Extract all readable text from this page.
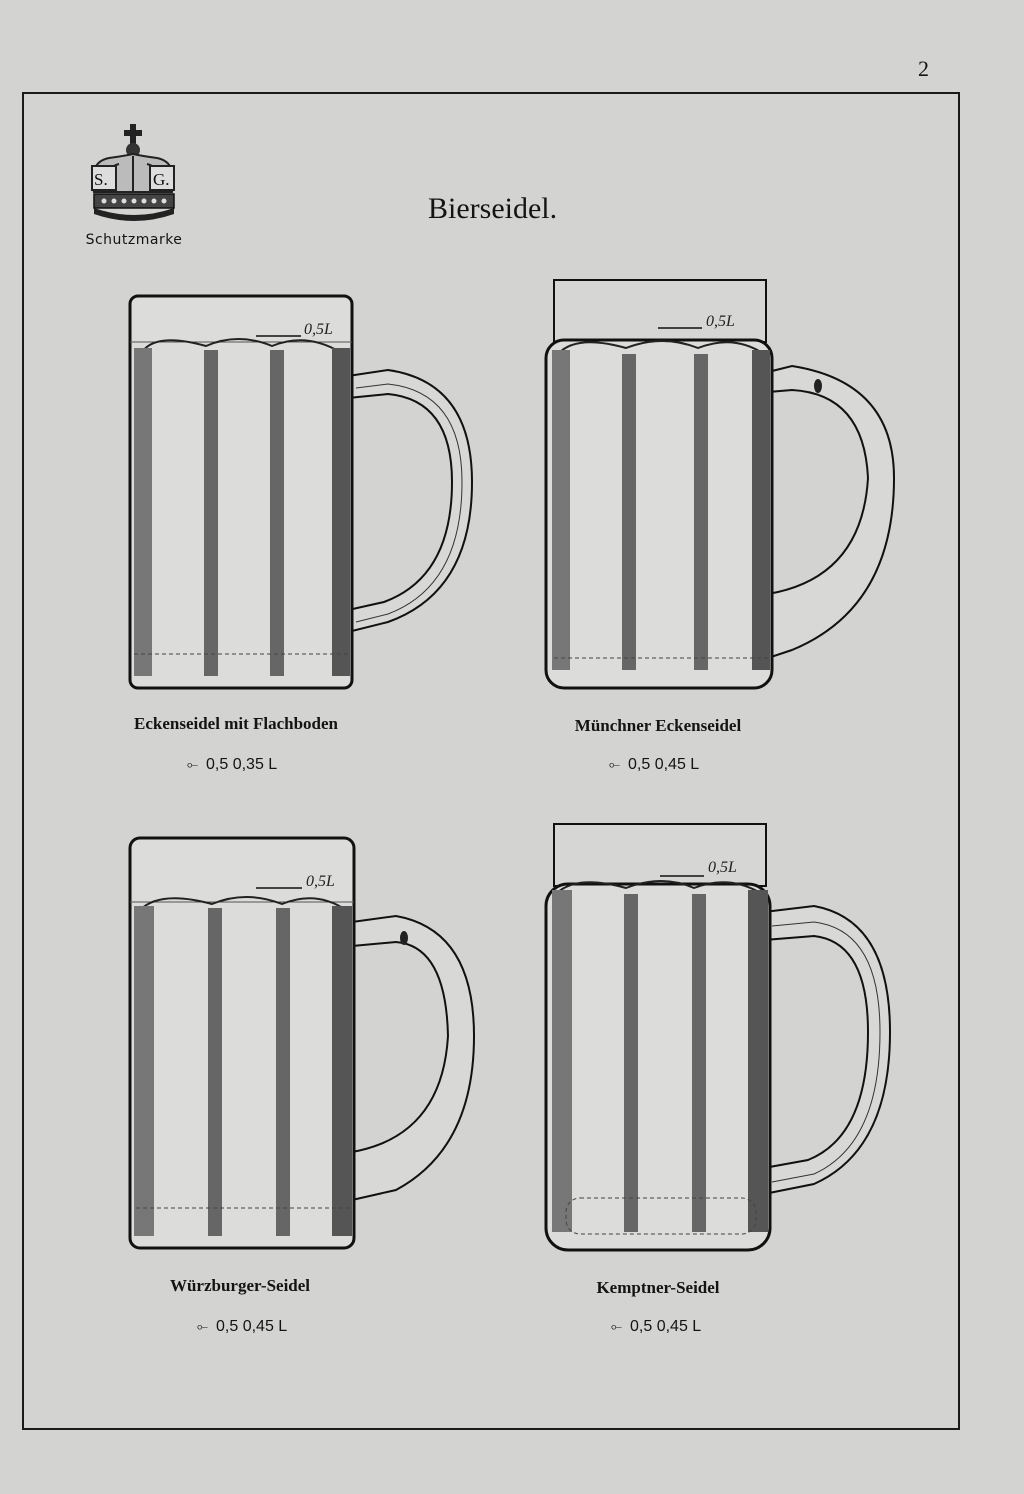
2
S.	G.
Schutzmarke
Bierseidel.
0,5L
Eckenseidel mit Flachboden
⟜ 0,5 0,35 L
0,5L
Münchner Eckenseidel
⟜ 0,5 0,45 L
0,5L
Würzburger-Seidel
⟜ 0,5 0,45 L
0,5L
Kemptner-Seidel
⟜ 0,5 0,45 L
